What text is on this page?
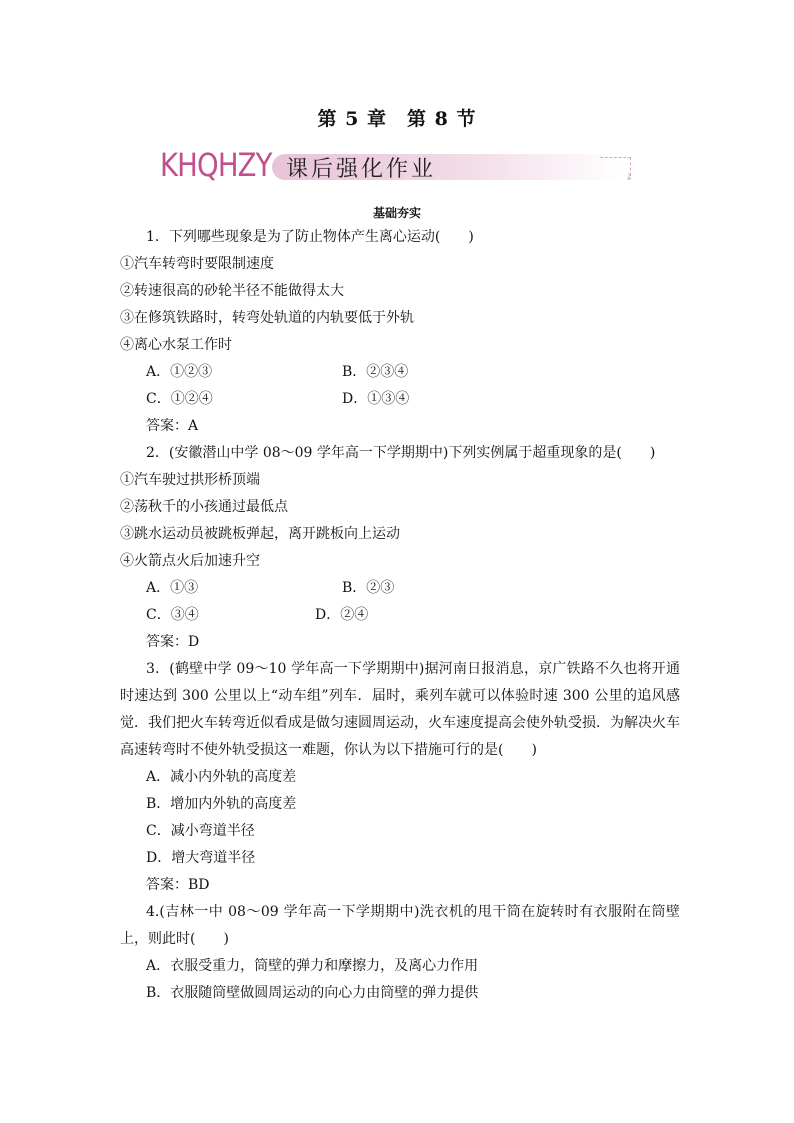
第 5 章　第 8 节
KHQHZY 课后强化作业	↓
基础夯实
1．下列哪些现象是为了防止物体产生离心运动(　　)
①汽车转弯时要限制速度
②转速很高的砂轮半径不能做得太大
③在修筑铁路时，转弯处轨道的内轨要低于外轨
④离心水泵工作时
A．①②③	B．②③④
C．①②④	D．①③④
答案：A
2．(安徽潜山中学 08～09 学年高一下学期期中)下列实例属于超重现象的是(　　)
①汽车驶过拱形桥顶端
②荡秋千的小孩通过最低点
③跳水运动员被跳板弹起，离开跳板向上运动
④火箭点火后加速升空
A．①③	B．②③
C．③④	D．②④
答案：D
3．(鹤壁中学 09～10 学年高一下学期期中)据河南日报消息，京广铁路不久也将开通时速达到 300 公里以上“动车组”列车．届时，乘列车就可以体验时速 300 公里的追风感觉．我们把火车转弯近似看成是做匀速圆周运动，火车速度提高会使外轨受损．为解决火车高速转弯时不使外轨受损这一难题，你认为以下措施可行的是(　　)
A．减小内外轨的高度差
B．增加内外轨的高度差
C．减小弯道半径
D．增大弯道半径
答案：BD
4.(吉林一中 08～09 学年高一下学期期中)洗衣机的甩干筒在旋转时有衣服附在筒壁上，则此时(　　)
A．衣服受重力，筒壁的弹力和摩擦力，及离心力作用
B．衣服随筒壁做圆周运动的向心力由筒壁的弹力提供
